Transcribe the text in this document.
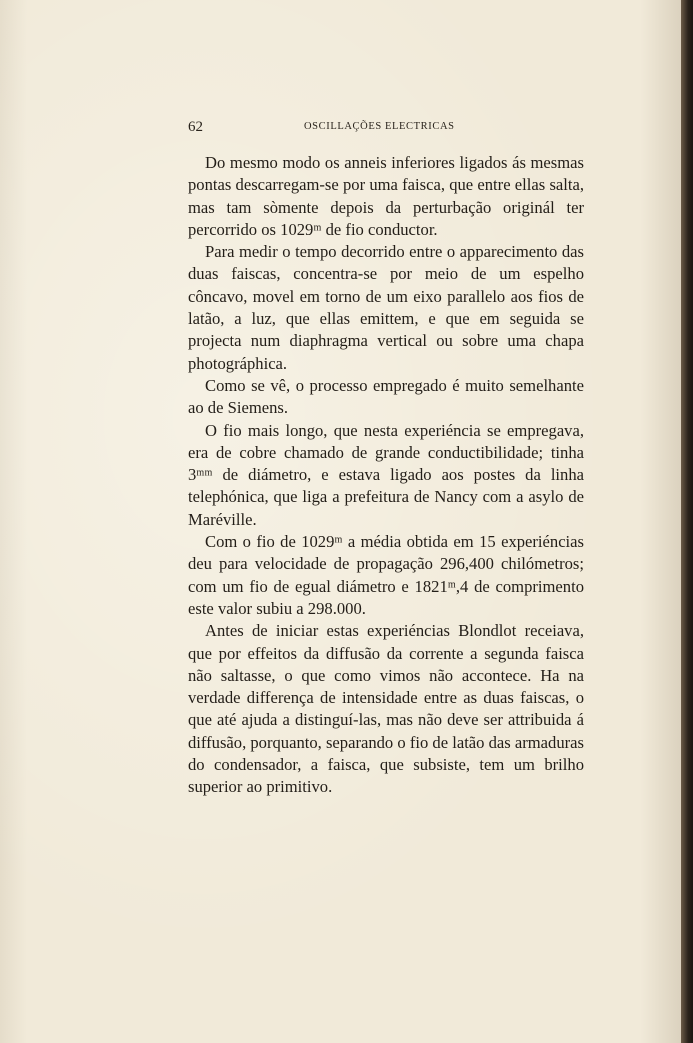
62	OSCILLAÇÕES ELECTRICAS

Do mesmo modo os anneis inferiores ligados ás mesmas pontas descarregam-se por uma faisca, que entre ellas salta, mas tam sòmente depois da perturbação originál ter percorrido os 1029ᵐ de fio conductor.

Para medir o tempo decorrido entre o apparecimento das duas faiscas, concentra-se por meio de um espelho côncavo, movel em torno de um eixo parallelo aos fios de latão, a luz, que ellas emittem, e que em seguida se projecta num diaphragma vertical ou sobre uma chapa photográphica.

Como se vê, o processo empregado é muito semelhante ao de Siemens.

O fio mais longo, que nesta experiéncia se empregava, era de cobre chamado de grande conductibilidade; tinha 3ᵐᵐ de diámetro, e estava ligado aos postes da linha telephónica, que liga a prefeitura de Nancy com a asylo de Maréville.

Com o fio de 1029ᵐ a média obtida em 15 experiéncias deu para velocidade de propagação 296,400 chilómetros; com um fio de egual diámetro e 1821ᵐ,4 de comprimento este valor subiu a 298.000.

Antes de iniciar estas experiéncias Blondlot receiava, que por effeitos da diffusão da corrente a segunda faisca não saltasse, o que como vimos não accontece. Ha na verdade differença de intensidade entre as duas faiscas, o que até ajuda a distinguí-las, mas não deve ser attribuida á diffusão, porquanto, separando o fio de latão das armaduras do condensador, a faisca, que subsiste, tem um brilho superior ao primitivo.
